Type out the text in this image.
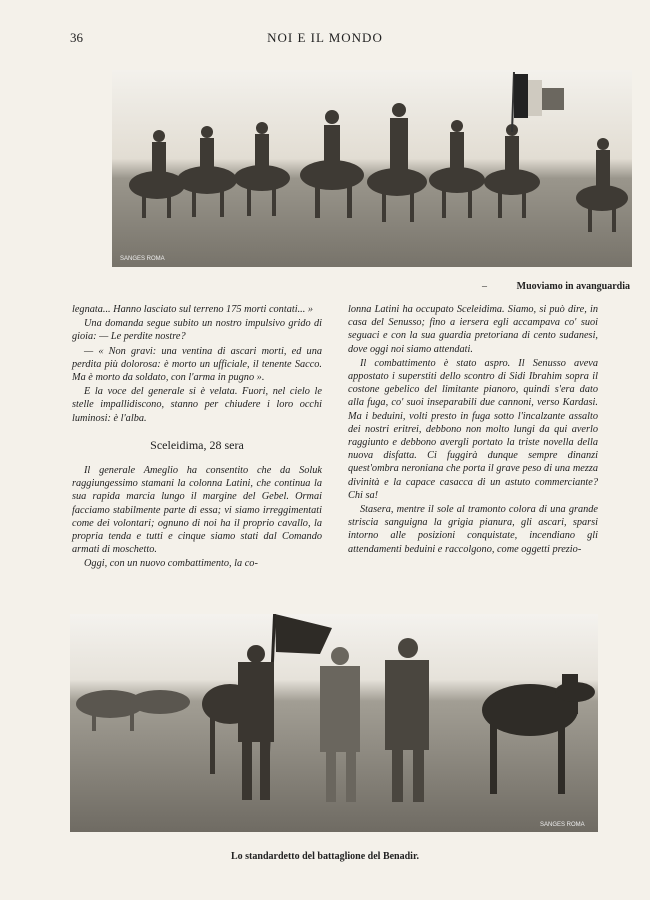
36	NOI E IL MONDO
SANGES ROMA
–	Muoviamo in avanguardia

legnata... Hanno lasciato sul terreno 175 morti contati... »

Una domanda segue subito un nostro impulsivo grido di gioia: — Le perdite nostre?

— « Non gravi: una ventina di ascari morti, ed una perdita più dolorosa: è morto un ufficiale, il tenente Sacco. Ma è morto da soldato, con l'arma in pugno ».

E la voce del generale si è velata. Fuori, nel cielo le stelle impallidiscono, stanno per chiudere i loro occhi luminosi: è l'alba.

Sceleidima, 28 sera

Il generale Ameglio ha consentito che da Soluk raggiungessimo stamani la colonna Latini, che continua la sua rapida marcia lungo il margine del Gebel. Ormai facciamo stabilmente parte di essa; vi siamo irreggimentati come dei volontari; ognuno di noi ha il proprio cavallo, la propria tenda e tutti e cinque siamo stati dal Comando armati di moschetto.

Oggi, con un nuovo combattimento, la co-

lonna Latini ha occupato Sceleidima. Siamo, si può dire, in casa del Senusso; fino a iersera egli accampava co' suoi seguaci e con la sua guardia pretoriana di cento sudanesi, dove oggi noi siamo attendati.

Il combattimento è stato aspro. Il Senusso aveva appostato i superstiti dello scontro di Sidi Ibrahim sopra il costone gebelico del limitante pianoro, quindi s'era dato alla fuga, co' suoi inseparabili due cannoni, verso Kardasi. Ma i beduini, volti presto in fuga sotto l'incalzante assalto dei nostri eritrei, debbono non molto lungi da qui averlo raggiunto e debbono avergli portato la triste novella della nuova disfatta. Ci fuggirà dunque sempre dinanzi quest'ombra neroniana che porta il grave peso di una mezza divinità e la capace casacca di un astuto commerciante? Chi sa!

Stasera, mentre il sole al tramonto colora di una grande striscia sanguigna la grigia pianura, gli ascari, sparsi intorno alle posizioni conquistate, incendiano gli attendamenti beduini e raccolgono, come oggetti prezio-

SANGES ROMA
Lo standardetto del battaglione del Benadir.
